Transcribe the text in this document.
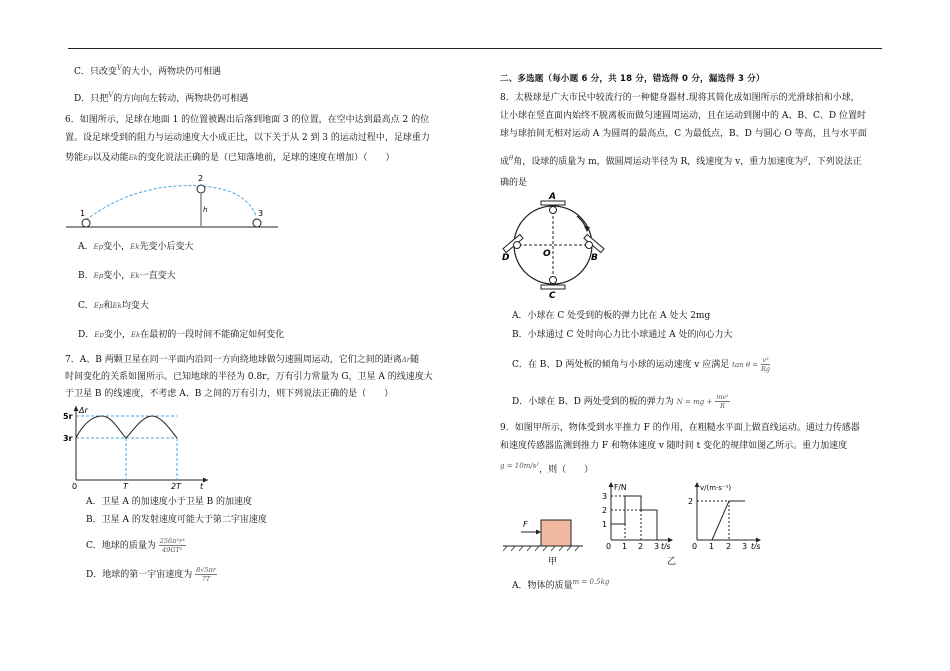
C．只改变$^V$的大小，两物块仍可相遇
D．只把$^V$的方向向左转动，两物块仍可相遇
6．如图所示，足球在地面 1 的位置被踢出后落到地面 3 的位置，在空中达到最高点 2 的位
置。设足球受到的阻力与运动速度大小成正比，以下关于从 2 到 3 的运动过程中，足球重力
势能Ep以及动能Ek的变化说法正确的是（已知落地前，足球的速度在增加）（　　）
1
2
3
h
A．Ep变小，Ek先变小后变大
B．Ep变小，Ek一直变大
C．Ep和Ek均变大
D．Ep变小，Ek在最初的一段时间不能确定如何变化
7．A、B 两颗卫星在同一平面内沿同一方向绕地球做匀速圆周运动，它们之间的距离Δr随
时间变化的关系如图所示。已知地球的半径为 0.8r，万有引力常量为 G，卫星 A 的线速度大
于卫星 B 的线速度，不考虑 A、B 之间的万有引力，则下列说法正确的是（　　）
Δr
5r
3r
0	T	2T t
A．卫星 A 的加速度小于卫星 B 的加速度
B．卫星 A 的发射速度可能大于第二宇宙速度
C．地球的质量为 $\frac{\text{256π²r³}}{\text{49GT²}}$
D．地球的第一宇宙速度为 $\frac{8√5\pi r}{7T}$
二、多选题（每小题 6 分，共 18 分，错选得 0 分，漏选得 3 分）
8．太极球是广大市民中较流行的一种健身器材.现将其简化成如图所示的光滑球拍和小球，
让小球在竖直面内始终不脱离板而做匀速圆周运动，且在运动到图中的 A、B、C、D 位置时
球与球拍间无相对运动 A 为圆周的最高点，C 为最低点，B、D 与圆心 O 等高，且与水平面
成$^\theta$角，设球的质量为 m，做圆周运动半径为 R，线速度为 v，重力加速度为$^g$，下列说法正
确的是
A
B
C
D	O
A．小球在 C 处受到的板的弹力比在 A 处大 2mg
B．小球通过 C 处时向心力比小球通过 A 处的向心力大
C．在 B、D 两处板的倾角与小球的运动速度 v 应满足 $\tan \theta = \frac{\text{v²}}{Rg}$
D．小球在 B、D 两处受到的板的弹力为 N = mg + $\frac{\text{mv²}}{R}$
9．如图甲所示，物体受到水平推力 F 的作用，在粗糙水平面上做直线运动。通过力传感器
和速度传感器监测到推力 F 和物体速度 v 随时间 t 变化的规律如图乙所示。重力加速度
$^{g = 10m/s^2}$，则（　　）
F
甲
F/N
3
2
1
0 1 2 3 t/s
v/(m·s⁻¹)
2
0 1 2 3 t/s
乙
A．物体的质量$^{m = 0.5kg}$
